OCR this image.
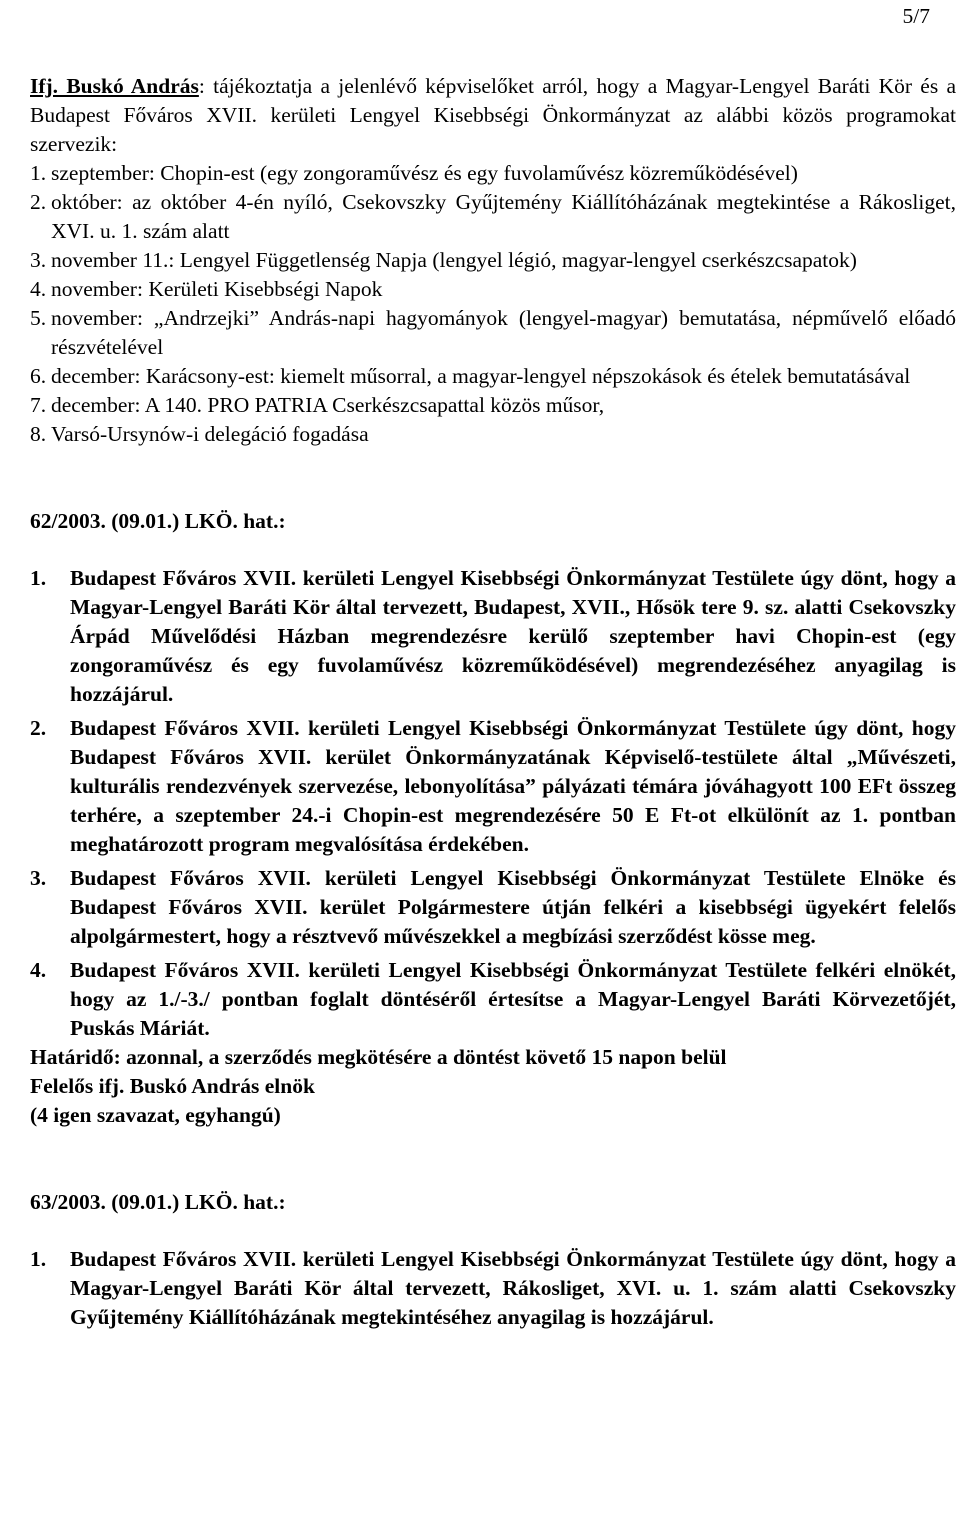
5/7

Ifj. Buskó András: tájékoztatja a jelenlévő képviselőket arról, hogy a Magyar-Lengyel Baráti Kör és a Budapest Főváros XVII. kerületi Lengyel Kisebbségi Önkormányzat az alábbi közös programokat szervezik:

1. szeptember: Chopin-est (egy zongoraművész és egy fuvolaművész közreműködésével)
2. október: az október 4-én nyíló, Csekovszky Gyűjtemény Kiállítóházának megtekintése a Rákosliget, XVI. u. 1. szám alatt
3. november 11.: Lengyel Függetlenség Napja (lengyel légió, magyar-lengyel cserkészcsapatok)
4. november: Kerületi Kisebbségi Napok
5. november: „Andrzejki” András-napi hagyományok (lengyel-magyar) bemutatása, népművelő előadó részvételével
6. december: Karácsony-est: kiemelt műsorral, a magyar-lengyel népszokások és ételek bemutatásával
7. december: A 140. PRO PATRIA Cserkészcsapattal közös műsor,
8. Varsó-Ursynów-i delegáció fogadása

62/2003. (09.01.) LKÖ. hat.:

1.	Budapest Főváros XVII. kerületi Lengyel Kisebbségi Önkormányzat Testülete úgy dönt, hogy a Magyar-Lengyel Baráti Kör által tervezett, Budapest, XVII., Hősök tere 9. sz. alatti Csekovszky Árpád Művelődési Házban megrendezésre kerülő szeptember havi Chopin-est (egy zongoraművész és egy fuvolaművész közreműködésével) megrendezéséhez anyagilag is hozzájárul.
2.	Budapest Főváros XVII. kerületi Lengyel Kisebbségi Önkormányzat Testülete úgy dönt, hogy Budapest Főváros XVII. kerület Önkormányzatának Képviselő-testülete által „Művészeti, kulturális rendezvények szervezése, lebonyolítása” pályázati témára jóváhagyott 100 EFt összeg terhére, a szeptember 24.-i Chopin-est megrendezésére 50 E Ft-ot elkülönít az 1. pontban meghatározott program megvalósítása érdekében.
3.	Budapest Főváros XVII. kerületi Lengyel Kisebbségi Önkormányzat Testülete Elnöke és Budapest Főváros XVII. kerület Polgármestere útján felkéri a kisebbségi ügyekért felelős alpolgármestert, hogy a résztvevő művészekkel a megbízási szerződést kösse meg.
4.	Budapest Főváros XVII. kerületi Lengyel Kisebbségi Önkormányzat Testülete felkéri elnökét, hogy az 1./-3./ pontban foglalt döntéséről értesítse a Magyar-Lengyel Baráti Körvezetőjét, Puskás Máriát.

Határidő: azonnal, a szerződés megkötésére a döntést követő 15 napon belül

Felelős ifj. Buskó András elnök

(4 igen szavazat, egyhangú)

63/2003. (09.01.) LKÖ. hat.:

1.	Budapest Főváros XVII. kerületi Lengyel Kisebbségi Önkormányzat Testülete úgy dönt, hogy a Magyar-Lengyel Baráti Kör által tervezett, Rákosliget, XVI. u. 1. szám alatti Csekovszky Gyűjtemény Kiállítóházának megtekintéséhez anyagilag is hozzájárul.
